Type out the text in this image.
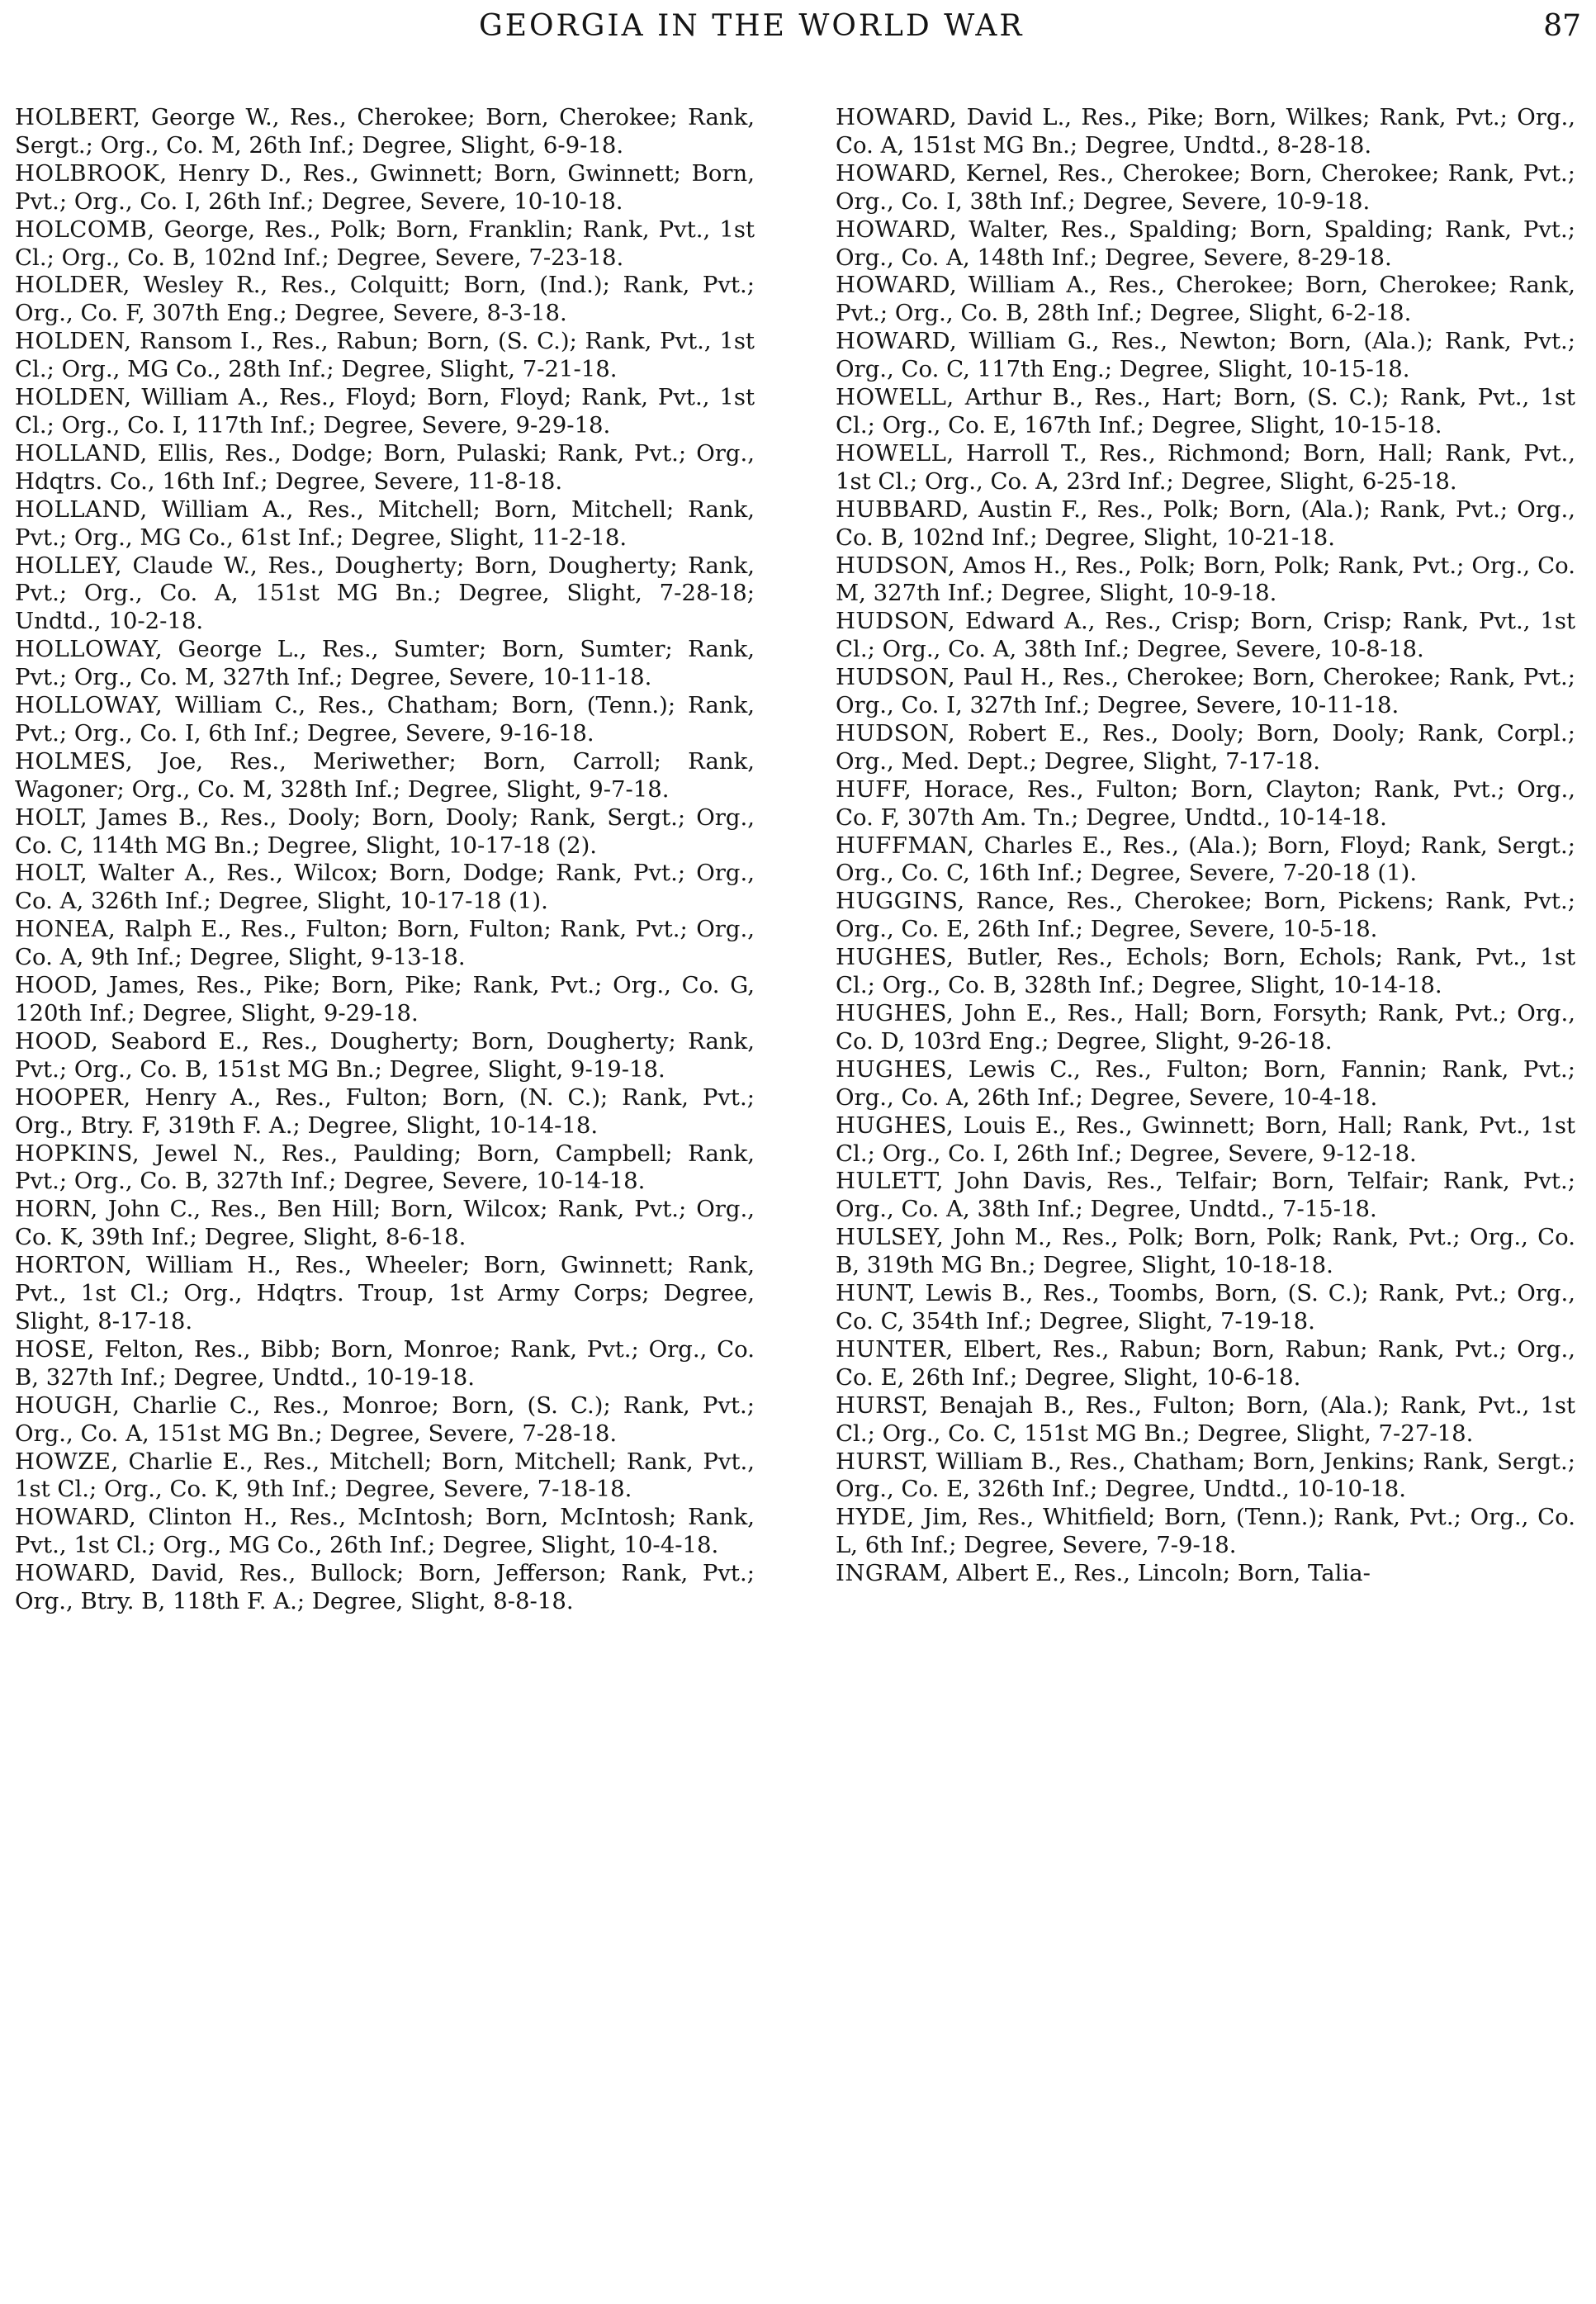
GEORGIA IN THE WORLD WAR	87

HOLBERT, George W., Res., Cherokee; Born, Cherokee; Rank, Sergt.; Org., Co. M, 26th Inf.; Degree, Slight, 6-9-18.

HOLBROOK, Henry D., Res., Gwinnett; Born, Gwinnett; Born, Pvt.; Org., Co. I, 26th Inf.; Degree, Severe, 10-10-18.

HOLCOMB, George, Res., Polk; Born, Franklin; Rank, Pvt., 1st Cl.; Org., Co. B, 102nd Inf.; Degree, Severe, 7-23-18.

HOLDER, Wesley R., Res., Colquitt; Born, (Ind.); Rank, Pvt.; Org., Co. F, 307th Eng.; Degree, Severe, 8-3-18.

HOLDEN, Ransom I., Res., Rabun; Born, (S. C.); Rank, Pvt., 1st Cl.; Org., MG Co., 28th Inf.; Degree, Slight, 7-21-18.

HOLDEN, William A., Res., Floyd; Born, Floyd; Rank, Pvt., 1st Cl.; Org., Co. I, 117th Inf.; Degree, Severe, 9-29-18.

HOLLAND, Ellis, Res., Dodge; Born, Pulaski; Rank, Pvt.; Org., Hdqtrs. Co., 16th Inf.; Degree, Severe, 11-8-18.

HOLLAND, William A., Res., Mitchell; Born, Mitchell; Rank, Pvt.; Org., MG Co., 61st Inf.; Degree, Slight, 11-2-18.

HOLLEY, Claude W., Res., Dougherty; Born, Dougherty; Rank, Pvt.; Org., Co. A, 151st MG Bn.; Degree, Slight, 7-28-18; Undtd., 10-2-18.

HOLLOWAY, George L., Res., Sumter; Born, Sumter; Rank, Pvt.; Org., Co. M, 327th Inf.; Degree, Severe, 10-11-18.

HOLLOWAY, William C., Res., Chatham; Born, (Tenn.); Rank, Pvt.; Org., Co. I, 6th Inf.; Degree, Severe, 9-16-18.

HOLMES, Joe, Res., Meriwether; Born, Carroll; Rank, Wagoner; Org., Co. M, 328th Inf.; Degree, Slight, 9-7-18.

HOLT, James B., Res., Dooly; Born, Dooly; Rank, Sergt.; Org., Co. C, 114th MG Bn.; Degree, Slight, 10-17-18 (2).

HOLT, Walter A., Res., Wilcox; Born, Dodge; Rank, Pvt.; Org., Co. A, 326th Inf.; Degree, Slight, 10-17-18 (1).

HONEA, Ralph E., Res., Fulton; Born, Fulton; Rank, Pvt.; Org., Co. A, 9th Inf.; Degree, Slight, 9-13-18.

HOOD, James, Res., Pike; Born, Pike; Rank, Pvt.; Org., Co. G, 120th Inf.; Degree, Slight, 9-29-18.

HOOD, Seabord E., Res., Dougherty; Born, Dougherty; Rank, Pvt.; Org., Co. B, 151st MG Bn.; Degree, Slight, 9-19-18.

HOOPER, Henry A., Res., Fulton; Born, (N. C.); Rank, Pvt.; Org., Btry. F, 319th F. A.; Degree, Slight, 10-14-18.

HOPKINS, Jewel N., Res., Paulding; Born, Campbell; Rank, Pvt.; Org., Co. B, 327th Inf.; Degree, Severe, 10-14-18.

HORN, John C., Res., Ben Hill; Born, Wilcox; Rank, Pvt.; Org., Co. K, 39th Inf.; Degree, Slight, 8-6-18.

HORTON, William H., Res., Wheeler; Born, Gwinnett; Rank, Pvt., 1st Cl.; Org., Hdqtrs. Troup, 1st Army Corps; Degree, Slight, 8-17-18.

HOSE, Felton, Res., Bibb; Born, Monroe; Rank, Pvt.; Org., Co. B, 327th Inf.; Degree, Undtd., 10-19-18.

HOUGH, Charlie C., Res., Monroe; Born, (S. C.); Rank, Pvt.; Org., Co. A, 151st MG Bn.; Degree, Severe, 7-28-18.

HOWZE, Charlie E., Res., Mitchell; Born, Mitchell; Rank, Pvt., 1st Cl.; Org., Co. K, 9th Inf.; Degree, Severe, 7-18-18.

HOWARD, Clinton H., Res., McIntosh; Born, McIntosh; Rank, Pvt., 1st Cl.; Org., MG Co., 26th Inf.; Degree, Slight, 10-4-18.

HOWARD, David, Res., Bullock; Born, Jefferson; Rank, Pvt.; Org., Btry. B, 118th F. A.; Degree, Slight, 8-8-18.

HOWARD, David L., Res., Pike; Born, Wilkes; Rank, Pvt.; Org., Co. A, 151st MG Bn.; Degree, Undtd., 8-28-18.

HOWARD, Kernel, Res., Cherokee; Born, Cherokee; Rank, Pvt.; Org., Co. I, 38th Inf.; Degree, Severe, 10-9-18.

HOWARD, Walter, Res., Spalding; Born, Spalding; Rank, Pvt.; Org., Co. A, 148th Inf.; Degree, Severe, 8-29-18.

HOWARD, William A., Res., Cherokee; Born, Cherokee; Rank, Pvt.; Org., Co. B, 28th Inf.; Degree, Slight, 6-2-18.

HOWARD, William G., Res., Newton; Born, (Ala.); Rank, Pvt.; Org., Co. C, 117th Eng.; Degree, Slight, 10-15-18.

HOWELL, Arthur B., Res., Hart; Born, (S. C.); Rank, Pvt., 1st Cl.; Org., Co. E, 167th Inf.; Degree, Slight, 10-15-18.

HOWELL, Harroll T., Res., Richmond; Born, Hall; Rank, Pvt., 1st Cl.; Org., Co. A, 23rd Inf.; Degree, Slight, 6-25-18.

HUBBARD, Austin F., Res., Polk; Born, (Ala.); Rank, Pvt.; Org., Co. B, 102nd Inf.; Degree, Slight, 10-21-18.

HUDSON, Amos H., Res., Polk; Born, Polk; Rank, Pvt.; Org., Co. M, 327th Inf.; Degree, Slight, 10-9-18.

HUDSON, Edward A., Res., Crisp; Born, Crisp; Rank, Pvt., 1st Cl.; Org., Co. A, 38th Inf.; Degree, Severe, 10-8-18.

HUDSON, Paul H., Res., Cherokee; Born, Cherokee; Rank, Pvt.; Org., Co. I, 327th Inf.; Degree, Severe, 10-11-18.

HUDSON, Robert E., Res., Dooly; Born, Dooly; Rank, Corpl.; Org., Med. Dept.; Degree, Slight, 7-17-18.

HUFF, Horace, Res., Fulton; Born, Clayton; Rank, Pvt.; Org., Co. F, 307th Am. Tn.; Degree, Undtd., 10-14-18.

HUFFMAN, Charles E., Res., (Ala.); Born, Floyd; Rank, Sergt.; Org., Co. C, 16th Inf.; Degree, Severe, 7-20-18 (1).

HUGGINS, Rance, Res., Cherokee; Born, Pickens; Rank, Pvt.; Org., Co. E, 26th Inf.; Degree, Severe, 10-5-18.

HUGHES, Butler, Res., Echols; Born, Echols; Rank, Pvt., 1st Cl.; Org., Co. B, 328th Inf.; Degree, Slight, 10-14-18.

HUGHES, John E., Res., Hall; Born, Forsyth; Rank, Pvt.; Org., Co. D, 103rd Eng.; Degree, Slight, 9-26-18.

HUGHES, Lewis C., Res., Fulton; Born, Fannin; Rank, Pvt.; Org., Co. A, 26th Inf.; Degree, Severe, 10-4-18.

HUGHES, Louis E., Res., Gwinnett; Born, Hall; Rank, Pvt., 1st Cl.; Org., Co. I, 26th Inf.; Degree, Severe, 9-12-18.

HULETT, John Davis, Res., Telfair; Born, Telfair; Rank, Pvt.; Org., Co. A, 38th Inf.; Degree, Undtd., 7-15-18.

HULSEY, John M., Res., Polk; Born, Polk; Rank, Pvt.; Org., Co. B, 319th MG Bn.; Degree, Slight, 10-18-18.

HUNT, Lewis B., Res., Toombs, Born, (S. C.); Rank, Pvt.; Org., Co. C, 354th Inf.; Degree, Slight, 7-19-18.

HUNTER, Elbert, Res., Rabun; Born, Rabun; Rank, Pvt.; Org., Co. E, 26th Inf.; Degree, Slight, 10-6-18.

HURST, Benajah B., Res., Fulton; Born, (Ala.); Rank, Pvt., 1st Cl.; Org., Co. C, 151st MG Bn.; Degree, Slight, 7-27-18.

HURST, William B., Res., Chatham; Born, Jenkins; Rank, Sergt.; Org., Co. E, 326th Inf.; Degree, Undtd., 10-10-18.

HYDE, Jim, Res., Whitfield; Born, (Tenn.); Rank, Pvt.; Org., Co. L, 6th Inf.; Degree, Severe, 7-9-18.

INGRAM, Albert E., Res., Lincoln; Born, Talia-
